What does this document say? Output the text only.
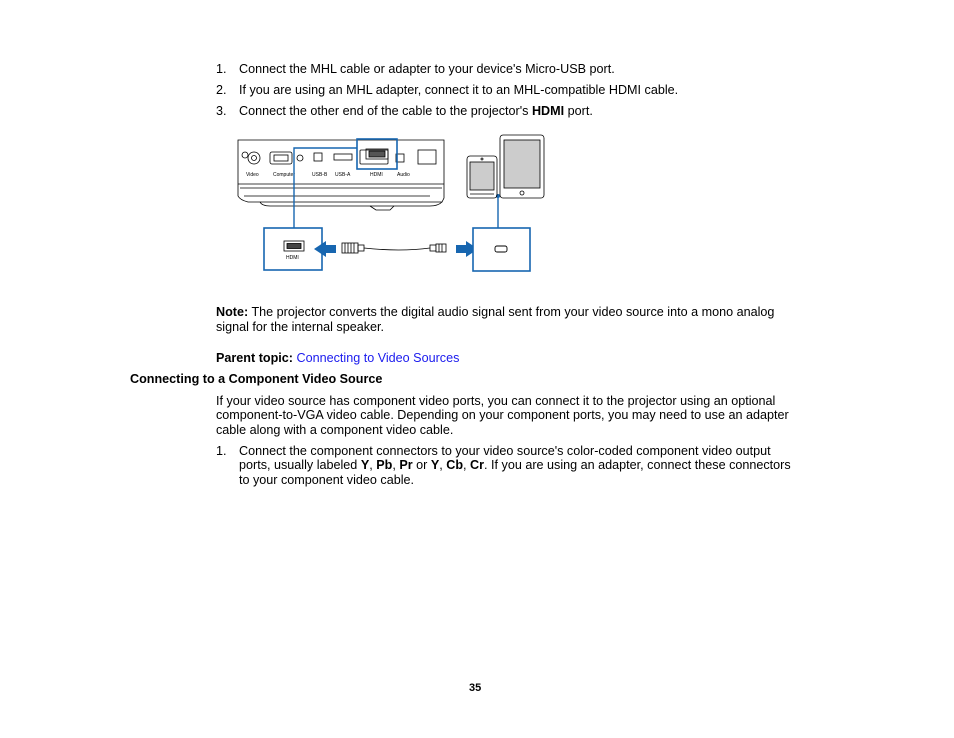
1. Connect the MHL cable or adapter to your device's Micro-USB port.
2. If you are using an MHL adapter, connect it to an MHL-compatible HDMI cable.
3. Connect the other end of the cable to the projector's HDMI port.
Video	Computer	USB-B USB-A	HDMI	Audio
HDMI
Note: The projector converts the digital audio signal sent from your video source into a mono analog
signal for the internal speaker.
Parent topic: Connecting to Video Sources
Connecting to a Component Video Source
If your video source has component video ports, you can connect it to the projector using an optional
component-to-VGA video cable. Depending on your component ports, you may need to use an adapter
cable along with a component video cable.
1. Connect the component connectors to your video source's color-coded component video output
ports, usually labeled Y, Pb, Pr or Y, Cb, Cr. If you are using an adapter, connect these connectors
to your component video cable.
35
